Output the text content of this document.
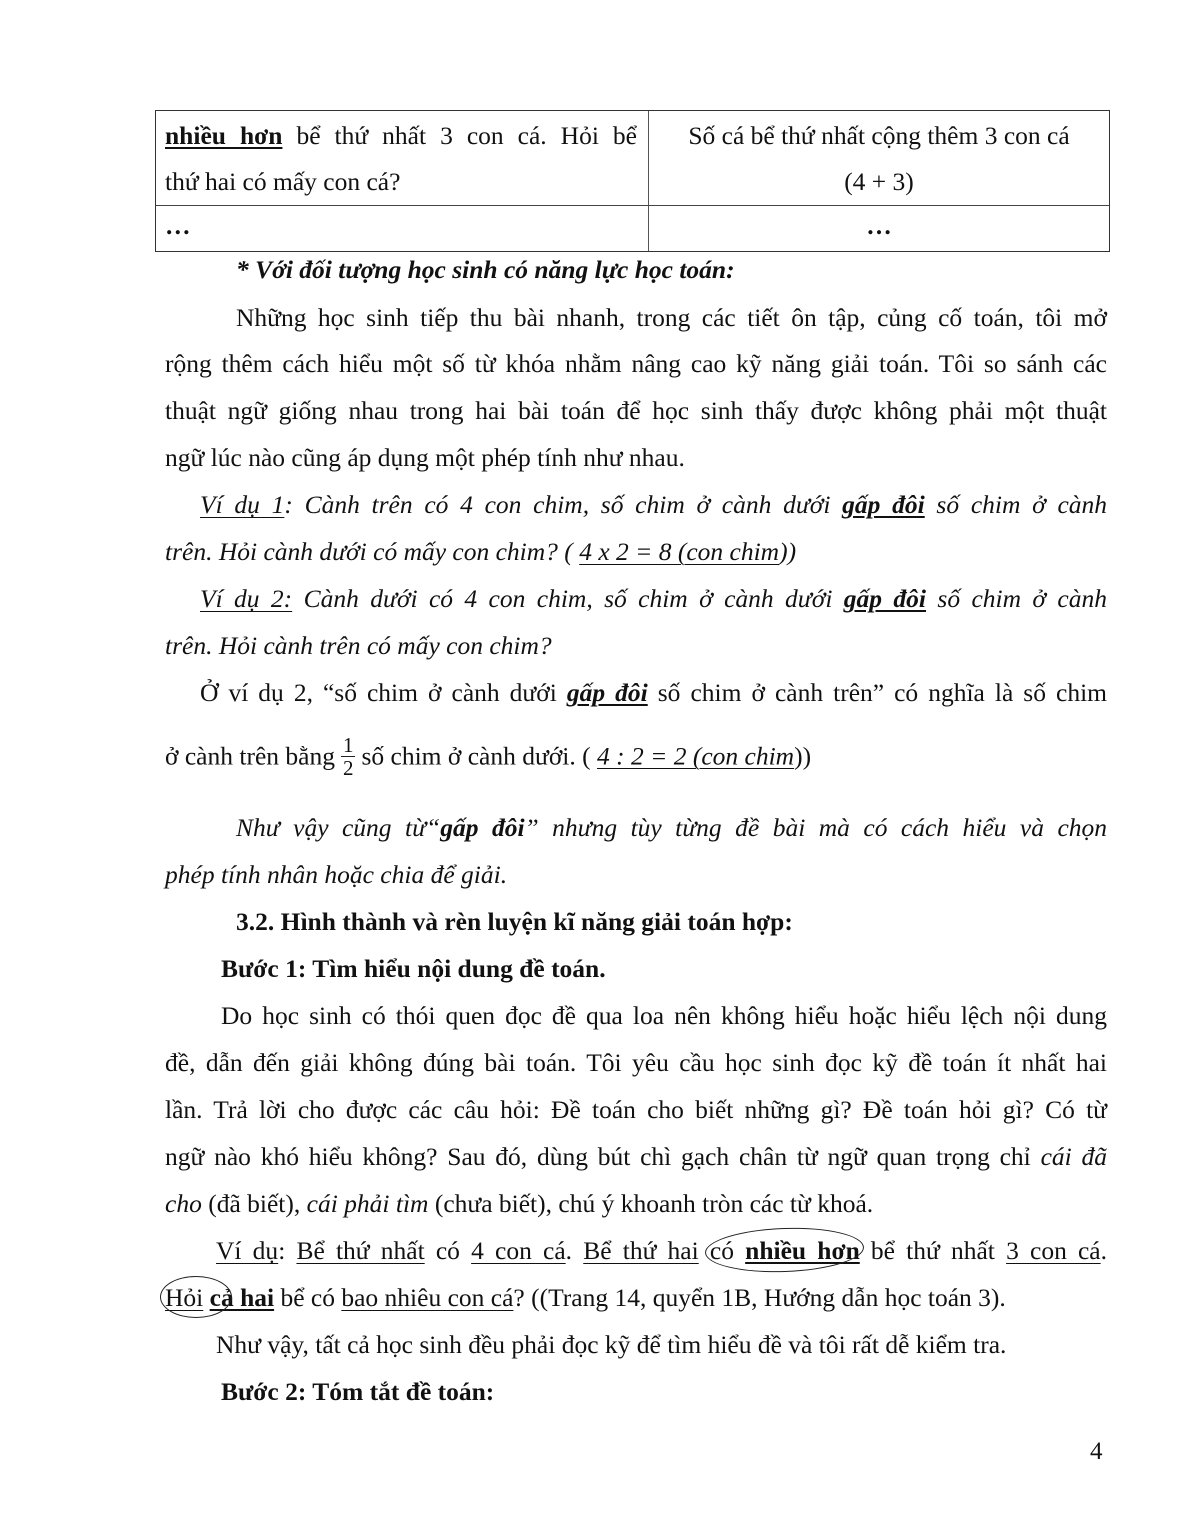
nhiều hơn bể thứ nhất 3 con cá. Hỏi bể
thứ hai có mấy con cá?
Số cá bể thứ nhất cộng thêm 3 con cá
(4 + 3)
…	…
* Với đối tượng học sinh có năng lực học toán:
Những học sinh tiếp thu bài nhanh, trong các tiết ôn tập, củng cố toán, tôi mở
rộng thêm cách hiểu một số từ khóa nhằm nâng cao kỹ năng giải toán. Tôi so sánh các
thuật ngữ giống nhau trong hai bài toán để học sinh thấy được không phải một thuật
ngữ lúc nào cũng áp dụng một phép tính như nhau.
Ví dụ 1: Cành trên có 4 con chim, số chim ở cành dưới gấp đôi số chim ở cành
trên. Hỏi cành dưới có mấy con chim? ( 4 x 2 = 8 (con chim))
Ví dụ 2: Cành dưới có 4 con chim, số chim ở cành dưới gấp đôi số chim ở cành
trên. Hỏi cành trên có mấy con chim?
Ở ví dụ 2, “số chim ở cành dưới gấp đôi số chim ở cành trên” có nghĩa là số chim
ở cành trên bằng $\frac{1}{2}$ số chim ở cành dưới. ( 4 : 2 = 2 (con chim))
Như vậy cũng từ“gấp đôi” nhưng tùy từng đề bài mà có cách hiểu và chọn
phép tính nhân hoặc chia để giải.
3.2. Hình thành và rèn luyện kĩ năng giải toán hợp:
Bước 1: Tìm hiểu nội dung đề toán.
Do học sinh có thói quen đọc đề qua loa nên không hiểu hoặc hiểu lệch nội dung
đề, dẫn đến giải không đúng bài toán. Tôi yêu cầu học sinh đọc kỹ đề toán ít nhất hai
lần. Trả lời cho được các câu hỏi: Đề toán cho biết những gì? Đề toán hỏi gì? Có từ
ngữ nào khó hiểu không? Sau đó, dùng bút chì gạch chân từ ngữ quan trọng chỉ cái đã
cho (đã biết), cái phải tìm (chưa biết), chú ý khoanh tròn các từ khoá.
Ví dụ: Bể thứ nhất có 4 con cá. Bể thứ hai có nhiều hơn bể thứ nhất 3 con cá.
Hỏi cả hai bể có bao nhiêu con cá? ((Trang 14, quyển 1B, Hướng dẫn học toán 3).
Như vậy, tất cả học sinh đều phải đọc kỹ để tìm hiểu đề và tôi rất dễ kiểm tra.
Bước 2: Tóm tắt đề toán:
4
